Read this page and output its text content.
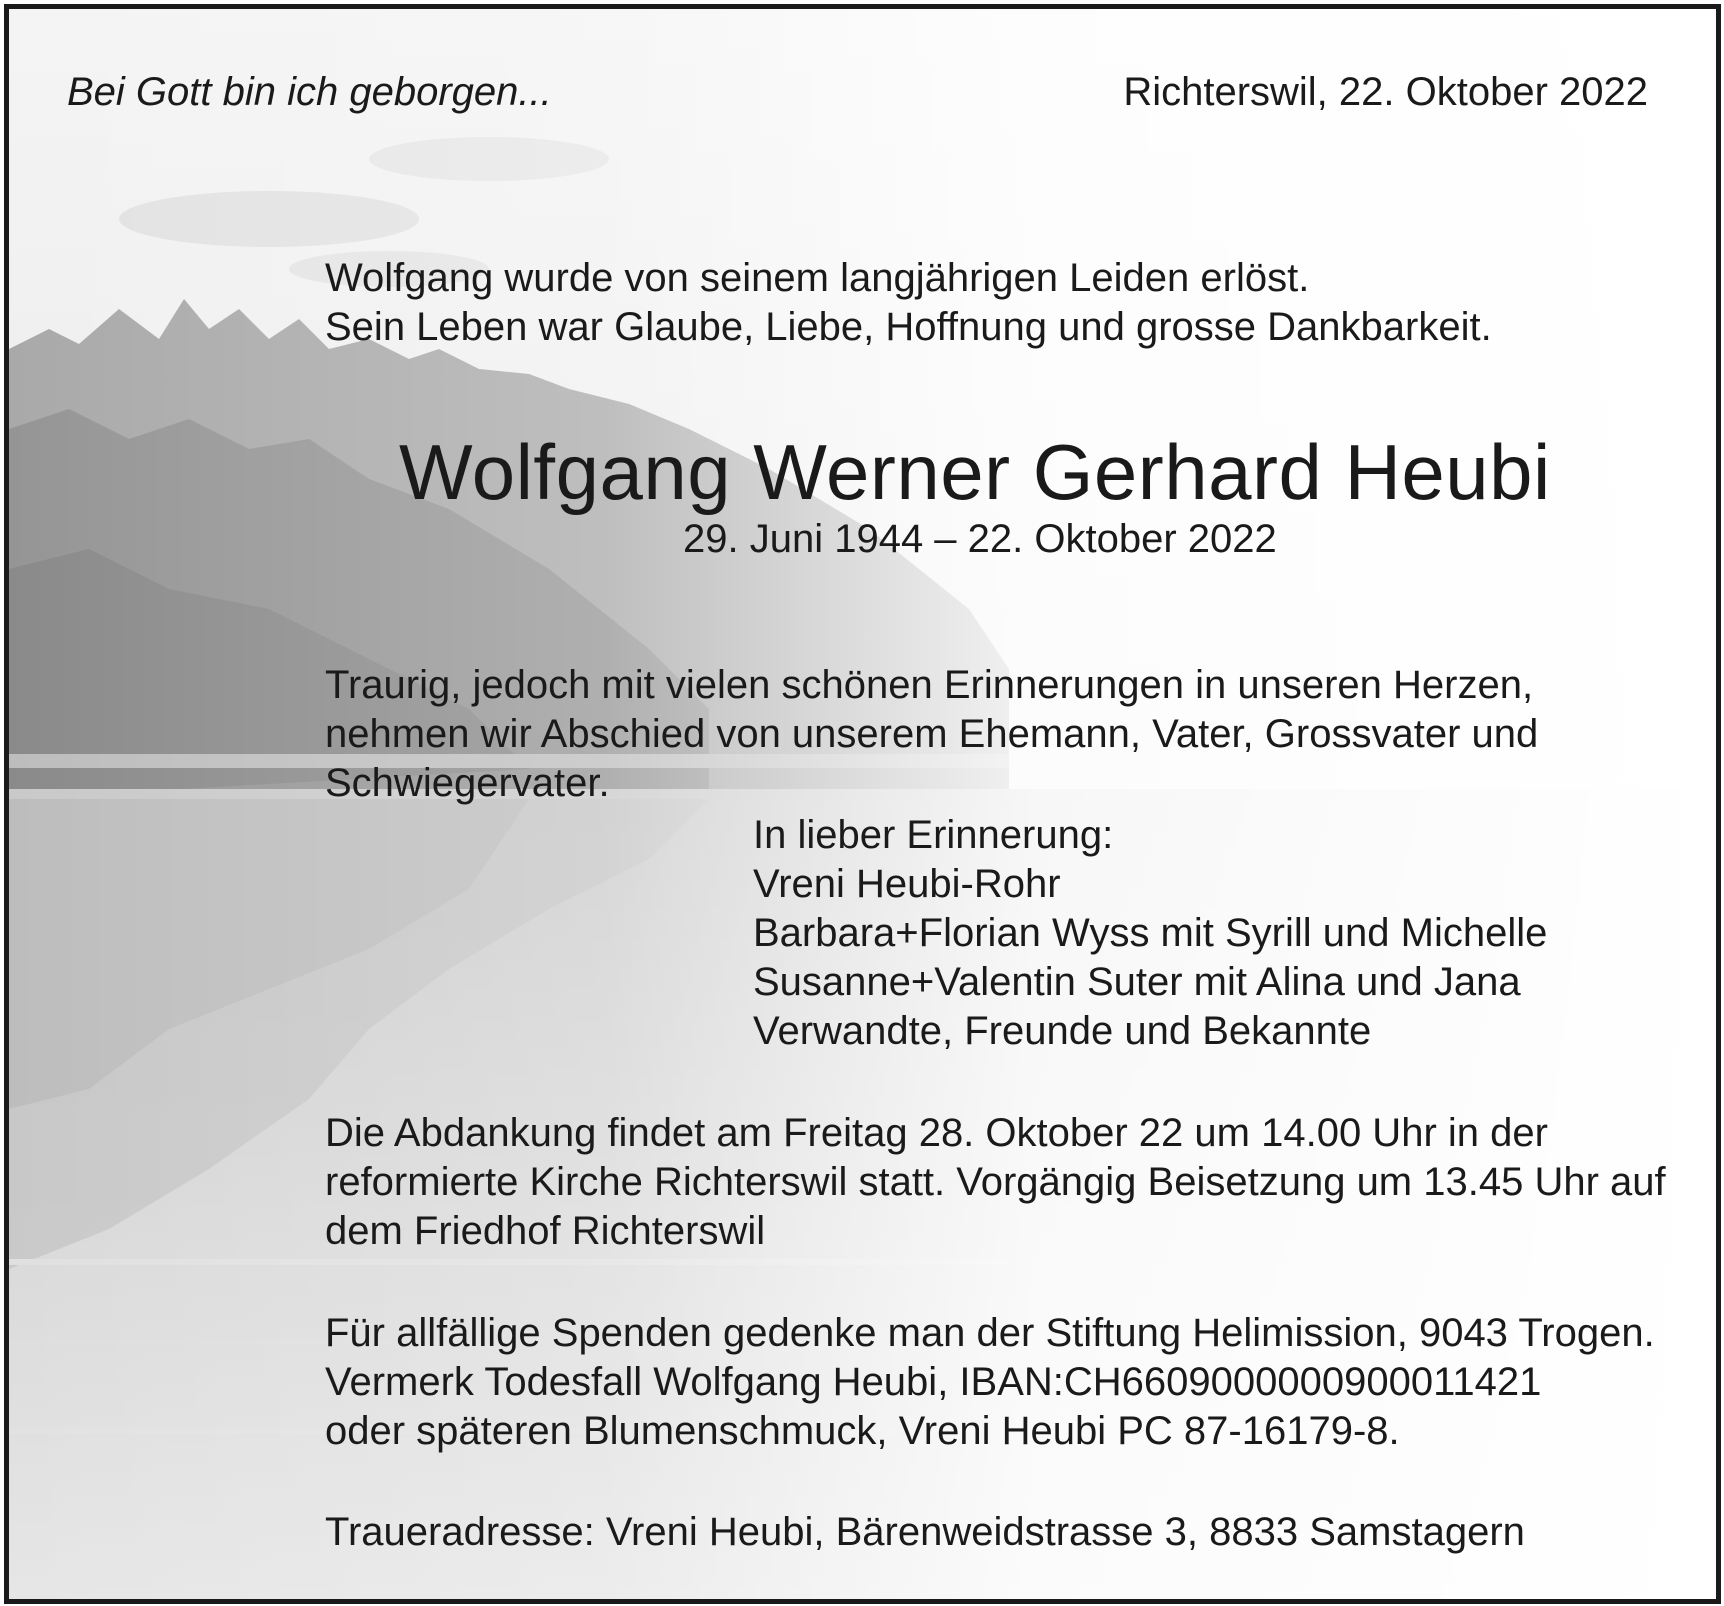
Bei Gott bin ich geborgen...	Richterswil, 22. Oktober 2022
Wolfgang wurde von seinem langjährigen Leiden erlöst.
Sein Leben war Glaube, Liebe, Hoffnung und grosse Dankbarkeit.
Wolfgang Werner Gerhard Heubi
29. Juni 1944 – 22. Oktober 2022
Traurig, jedoch mit vielen schönen Erinnerungen in unseren Herzen,
nehmen wir Abschied von unserem Ehemann, Vater, Grossvater und
Schwiegervater.
In lieber Erinnerung:
Vreni Heubi-Rohr
Barbara+Florian Wyss mit Syrill und Michelle
Susanne+Valentin Suter mit Alina und Jana
Verwandte, Freunde und Bekannte
Die Abdankung findet am Freitag 28. Oktober 22 um 14.00 Uhr in der
reformierte Kirche Richterswil statt. Vorgängig Beisetzung um 13.45 Uhr auf
dem Friedhof Richterswil
Für allfällige Spenden gedenke man der Stiftung Helimission, 9043 Trogen.
Vermerk Todesfall Wolfgang Heubi, IBAN:CH6609000000900011421
oder späteren Blumenschmuck, Vreni Heubi PC 87-16179-8.
Traueradresse: Vreni Heubi, Bärenweidstrasse 3, 8833 Samstagern
